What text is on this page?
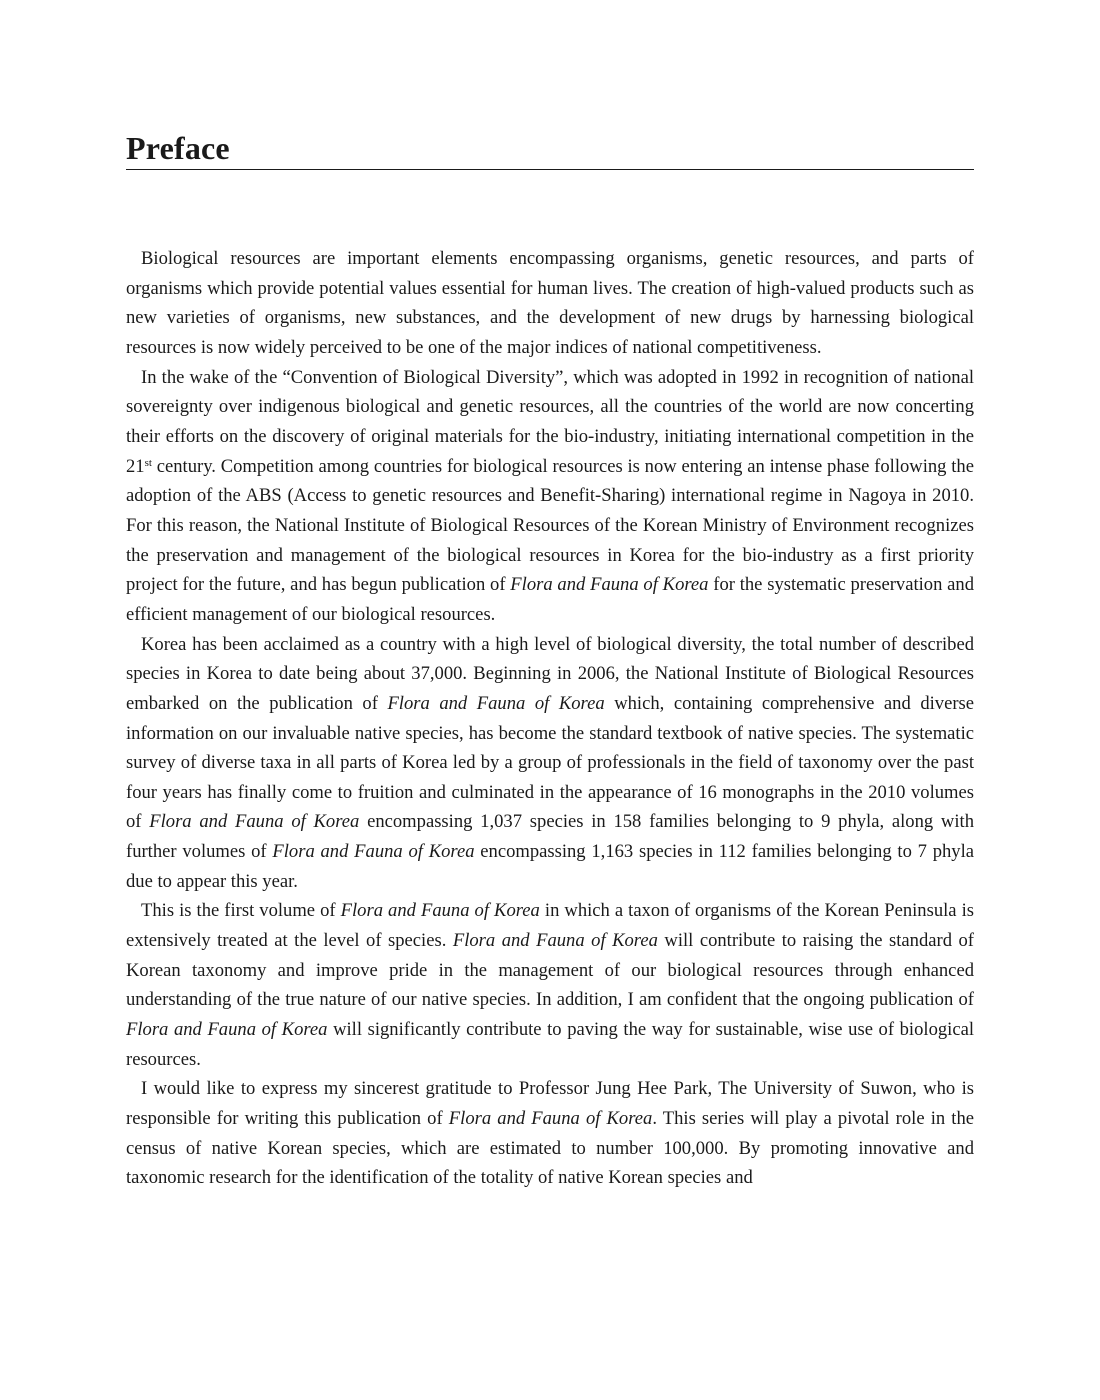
Preface

Biological resources are important elements encompassing organisms, genetic resources, and parts of organisms which provide potential values essential for human lives. The creation of high-valued products such as new varieties of organisms, new substances, and the development of new drugs by harnessing biological resources is now widely perceived to be one of the major indices of national competitiveness.

In the wake of the “Convention of Biological Diversity”, which was adopted in 1992 in recognition of national sovereignty over indigenous biological and genetic resources, all the countries of the world are now concerting their efforts on the discovery of original materials for the bio-industry, initiating international competition in the 21st century. Competition among countries for biological resources is now entering an intense phase following the adoption of the ABS (Access to genetic resources and Benefit-Sharing) international regime in Nagoya in 2010. For this reason, the National Institute of Biological Resources of the Korean Ministry of Environment recognizes the preservation and management of the biological resources in Korea for the bio-industry as a first priority project for the future, and has begun publication of Flora and Fauna of Korea for the systematic preservation and efficient management of our biological resources.

Korea has been acclaimed as a country with a high level of biological diversity, the total number of described species in Korea to date being about 37,000. Beginning in 2006, the National Institute of Biological Resources embarked on the publication of Flora and Fauna of Korea which, containing comprehensive and diverse information on our invaluable native species, has become the standard textbook of native species. The systematic survey of diverse taxa in all parts of Korea led by a group of professionals in the field of taxonomy over the past four years has finally come to fruition and culminated in the appearance of 16 monographs in the 2010 volumes of Flora and Fauna of Korea encompassing 1,037 species in 158 families belonging to 9 phyla, along with further volumes of Flora and Fauna of Korea encompassing 1,163 species in 112 families belonging to 7 phyla due to appear this year.

This is the first volume of Flora and Fauna of Korea in which a taxon of organisms of the Korean Peninsula is extensively treated at the level of species. Flora and Fauna of Korea will contribute to raising the standard of Korean taxonomy and improve pride in the management of our biological resources through enhanced understanding of the true nature of our native species. In addition, I am confident that the ongoing publication of Flora and Fauna of Korea will significantly contribute to paving the way for sustainable, wise use of biological resources.

I would like to express my sincerest gratitude to Professor Jung Hee Park, The University of Suwon, who is responsible for writing this publication of Flora and Fauna of Korea. This series will play a pivotal role in the census of native Korean species, which are estimated to number 100,000. By promoting innovative and taxonomic research for the identification of the totality of native Korean species and
